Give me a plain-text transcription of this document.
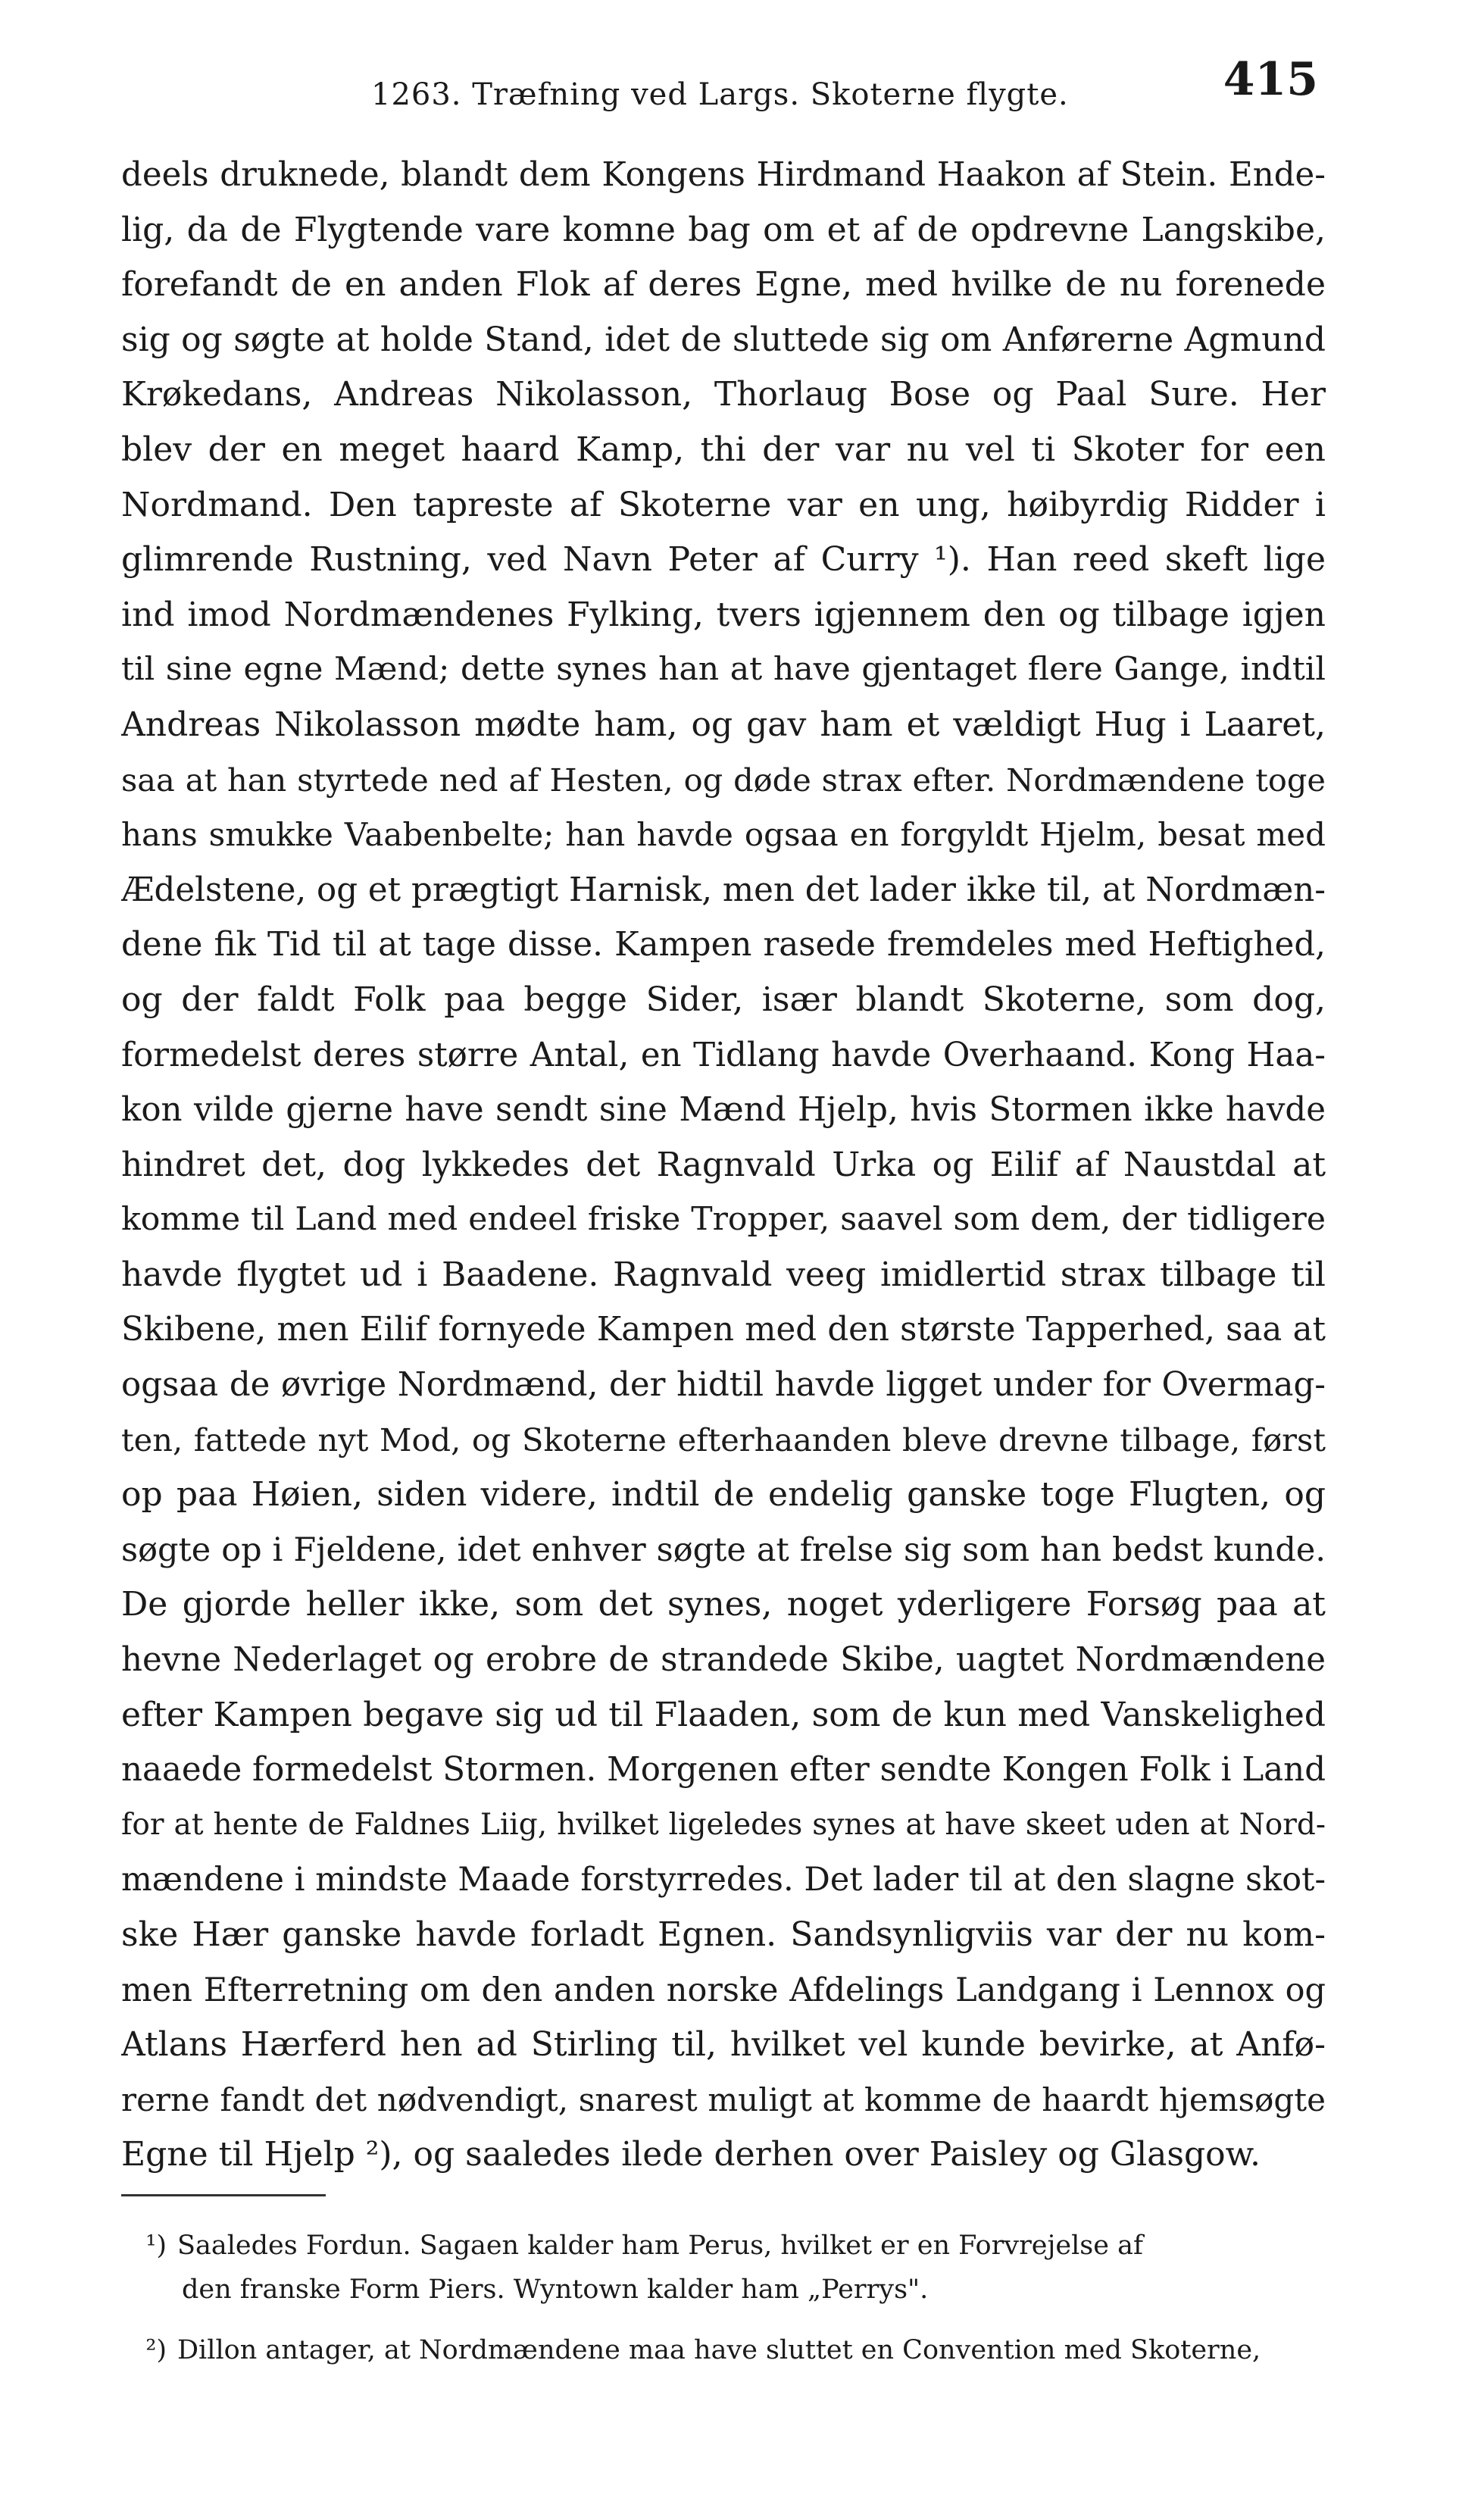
1263. Træfning ved Largs. Skoterne flygte.	415
deels druknede, blandt dem Kongens Hirdmand Haakon af Stein. Ende-
lig, da de Flygtende vare komne bag om et af de opdrevne Langskibe,
forefandt de en anden Flok af deres Egne, med hvilke de nu forenede
sig og søgte at holde Stand, idet de sluttede sig om Anførerne Agmund
Krøkedans, Andreas Nikolasson, Thorlaug Bose og Paal Sure. Her
blev der en meget haard Kamp, thi der var nu vel ti Skoter for een
Nordmand. Den tapreste af Skoterne var en ung, høibyrdig Ridder i
glimrende Rustning, ved Navn Peter af Curry ¹). Han reed skeft lige
ind imod Nordmændenes Fylking, tvers igjennem den og tilbage igjen
til sine egne Mænd; dette synes han at have gjentaget flere Gange, indtil
Andreas Nikolasson mødte ham, og gav ham et vældigt Hug i Laaret,
saa at han styrtede ned af Hesten, og døde strax efter. Nordmændene toge
hans smukke Vaabenbelte; han havde ogsaa en forgyldt Hjelm, besat med
Ædelstene, og et prægtigt Harnisk, men det lader ikke til, at Nordmæn-
dene fik Tid til at tage disse. Kampen rasede fremdeles med Heftighed,
og der faldt Folk paa begge Sider, især blandt Skoterne, som dog,
formedelst deres større Antal, en Tidlang havde Overhaand. Kong Haa-
kon vilde gjerne have sendt sine Mænd Hjelp, hvis Stormen ikke havde
hindret det, dog lykkedes det Ragnvald Urka og Eilif af Naustdal at
komme til Land med endeel friske Tropper, saavel som dem, der tidligere
havde flygtet ud i Baadene. Ragnvald veeg imidlertid strax tilbage til
Skibene, men Eilif fornyede Kampen med den største Tapperhed, saa at
ogsaa de øvrige Nordmænd, der hidtil havde ligget under for Overmag-
ten, fattede nyt Mod, og Skoterne efterhaanden bleve drevne tilbage, først
op paa Høien, siden videre, indtil de endelig ganske toge Flugten, og
søgte op i Fjeldene, idet enhver søgte at frelse sig som han bedst kunde.
De gjorde heller ikke, som det synes, noget yderligere Forsøg paa at
hevne Nederlaget og erobre de strandede Skibe, uagtet Nordmændene
efter Kampen begave sig ud til Flaaden, som de kun med Vanskelighed
naaede formedelst Stormen. Morgenen efter sendte Kongen Folk i Land
for at hente de Faldnes Liig, hvilket ligeledes synes at have skeet uden at Nord-
mændene i mindste Maade forstyrredes. Det lader til at den slagne skot-
ske Hær ganske havde forladt Egnen. Sandsynligviis var der nu kom-
men Efterretning om den anden norske Afdelings Landgang i Lennox og
Atlans Hærferd hen ad Stirling til, hvilket vel kunde bevirke, at Anfø-
rerne fandt det nødvendigt, snarest muligt at komme de haardt hjemsøgte
Egne til Hjelp ²), og saaledes ilede derhen over Paisley og Glasgow.
¹) Saaledes Fordun. Sagaen kalder ham Perus, hvilket er en Forvrejelse af
den franske Form Piers. Wyntown kalder ham „Perrys".
²) Dillon antager, at Nordmændene maa have sluttet en Convention med Skoterne,
